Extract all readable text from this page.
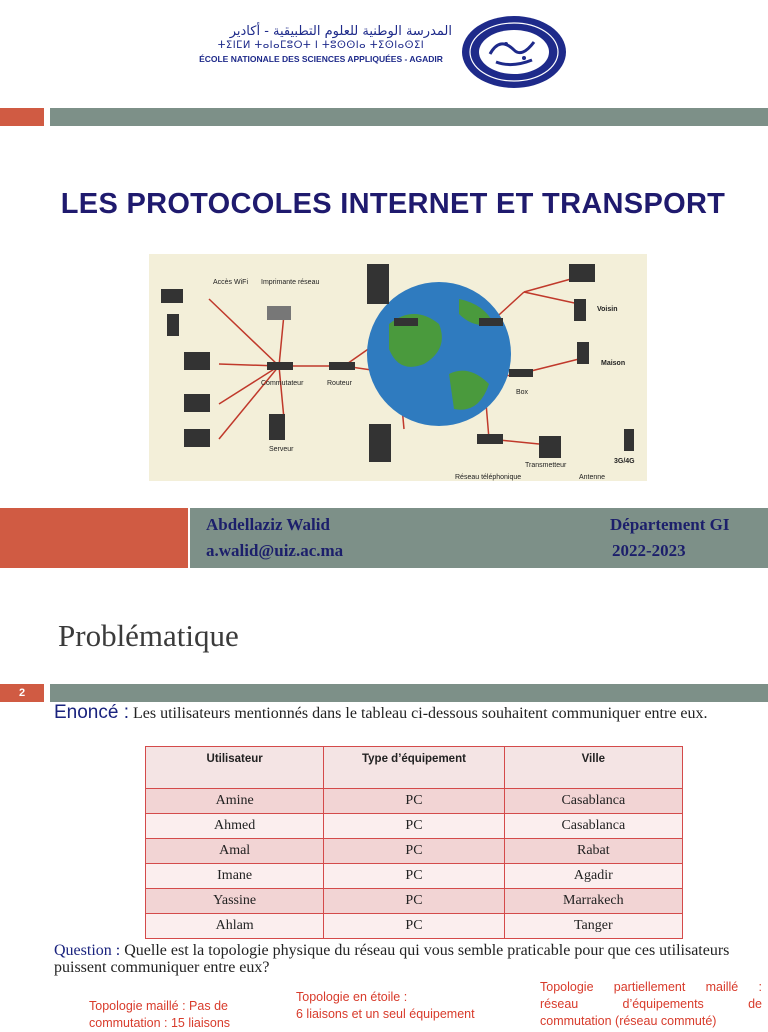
المدرسة الوطنية للعلوم التطبيقية - أكادير
ⵜⵉⵏⵎⵍ ⵜⴰⵏⴰⵎⵓⵔⵜ ⵏ ⵜⵓⵙⵙⵏⴰ ⵜⵉⵙⵏⴰⵙⵉⵏ
ÉCOLE NATIONALE DES SCIENCES APPLIQUÉES - AGADIR
LES PROTOCOLES INTERNET ET TRANSPORT
Accès WiFi Imprimante réseau
Commutateur	Routeur
Serveur
Voisin
Maison
Box
Transmetteur
Antenne
3G/4G
Réseau téléphonique
Abdellaziz Walid
a.walid@uiz.ac.ma
Département GI
2022-2023
Problématique
2
Enoncé : Les utilisateurs mentionnés dans le tableau ci-dessous souhaitent communiquer entre eux.
Utilisateur	Type d’équipement	Ville
Amine	PC	Casablanca
Ahmed	PC	Casablanca
Amal	PC	Rabat
Imane	PC	Agadir
Yassine	PC	Marrakech
Ahlam	PC	Tanger
Question : Quelle est la topologie physique du réseau qui vous semble praticable pour que ces utilisateurs puissent communiquer entre eux?
Topologie maillé : Pas de
commutation : 15 liaisons
Topologie en étoile :
6 liaisons et un seul équipement
Topologie partiellement maillé :
réseau d’équipements de
commutation (réseau commuté)
